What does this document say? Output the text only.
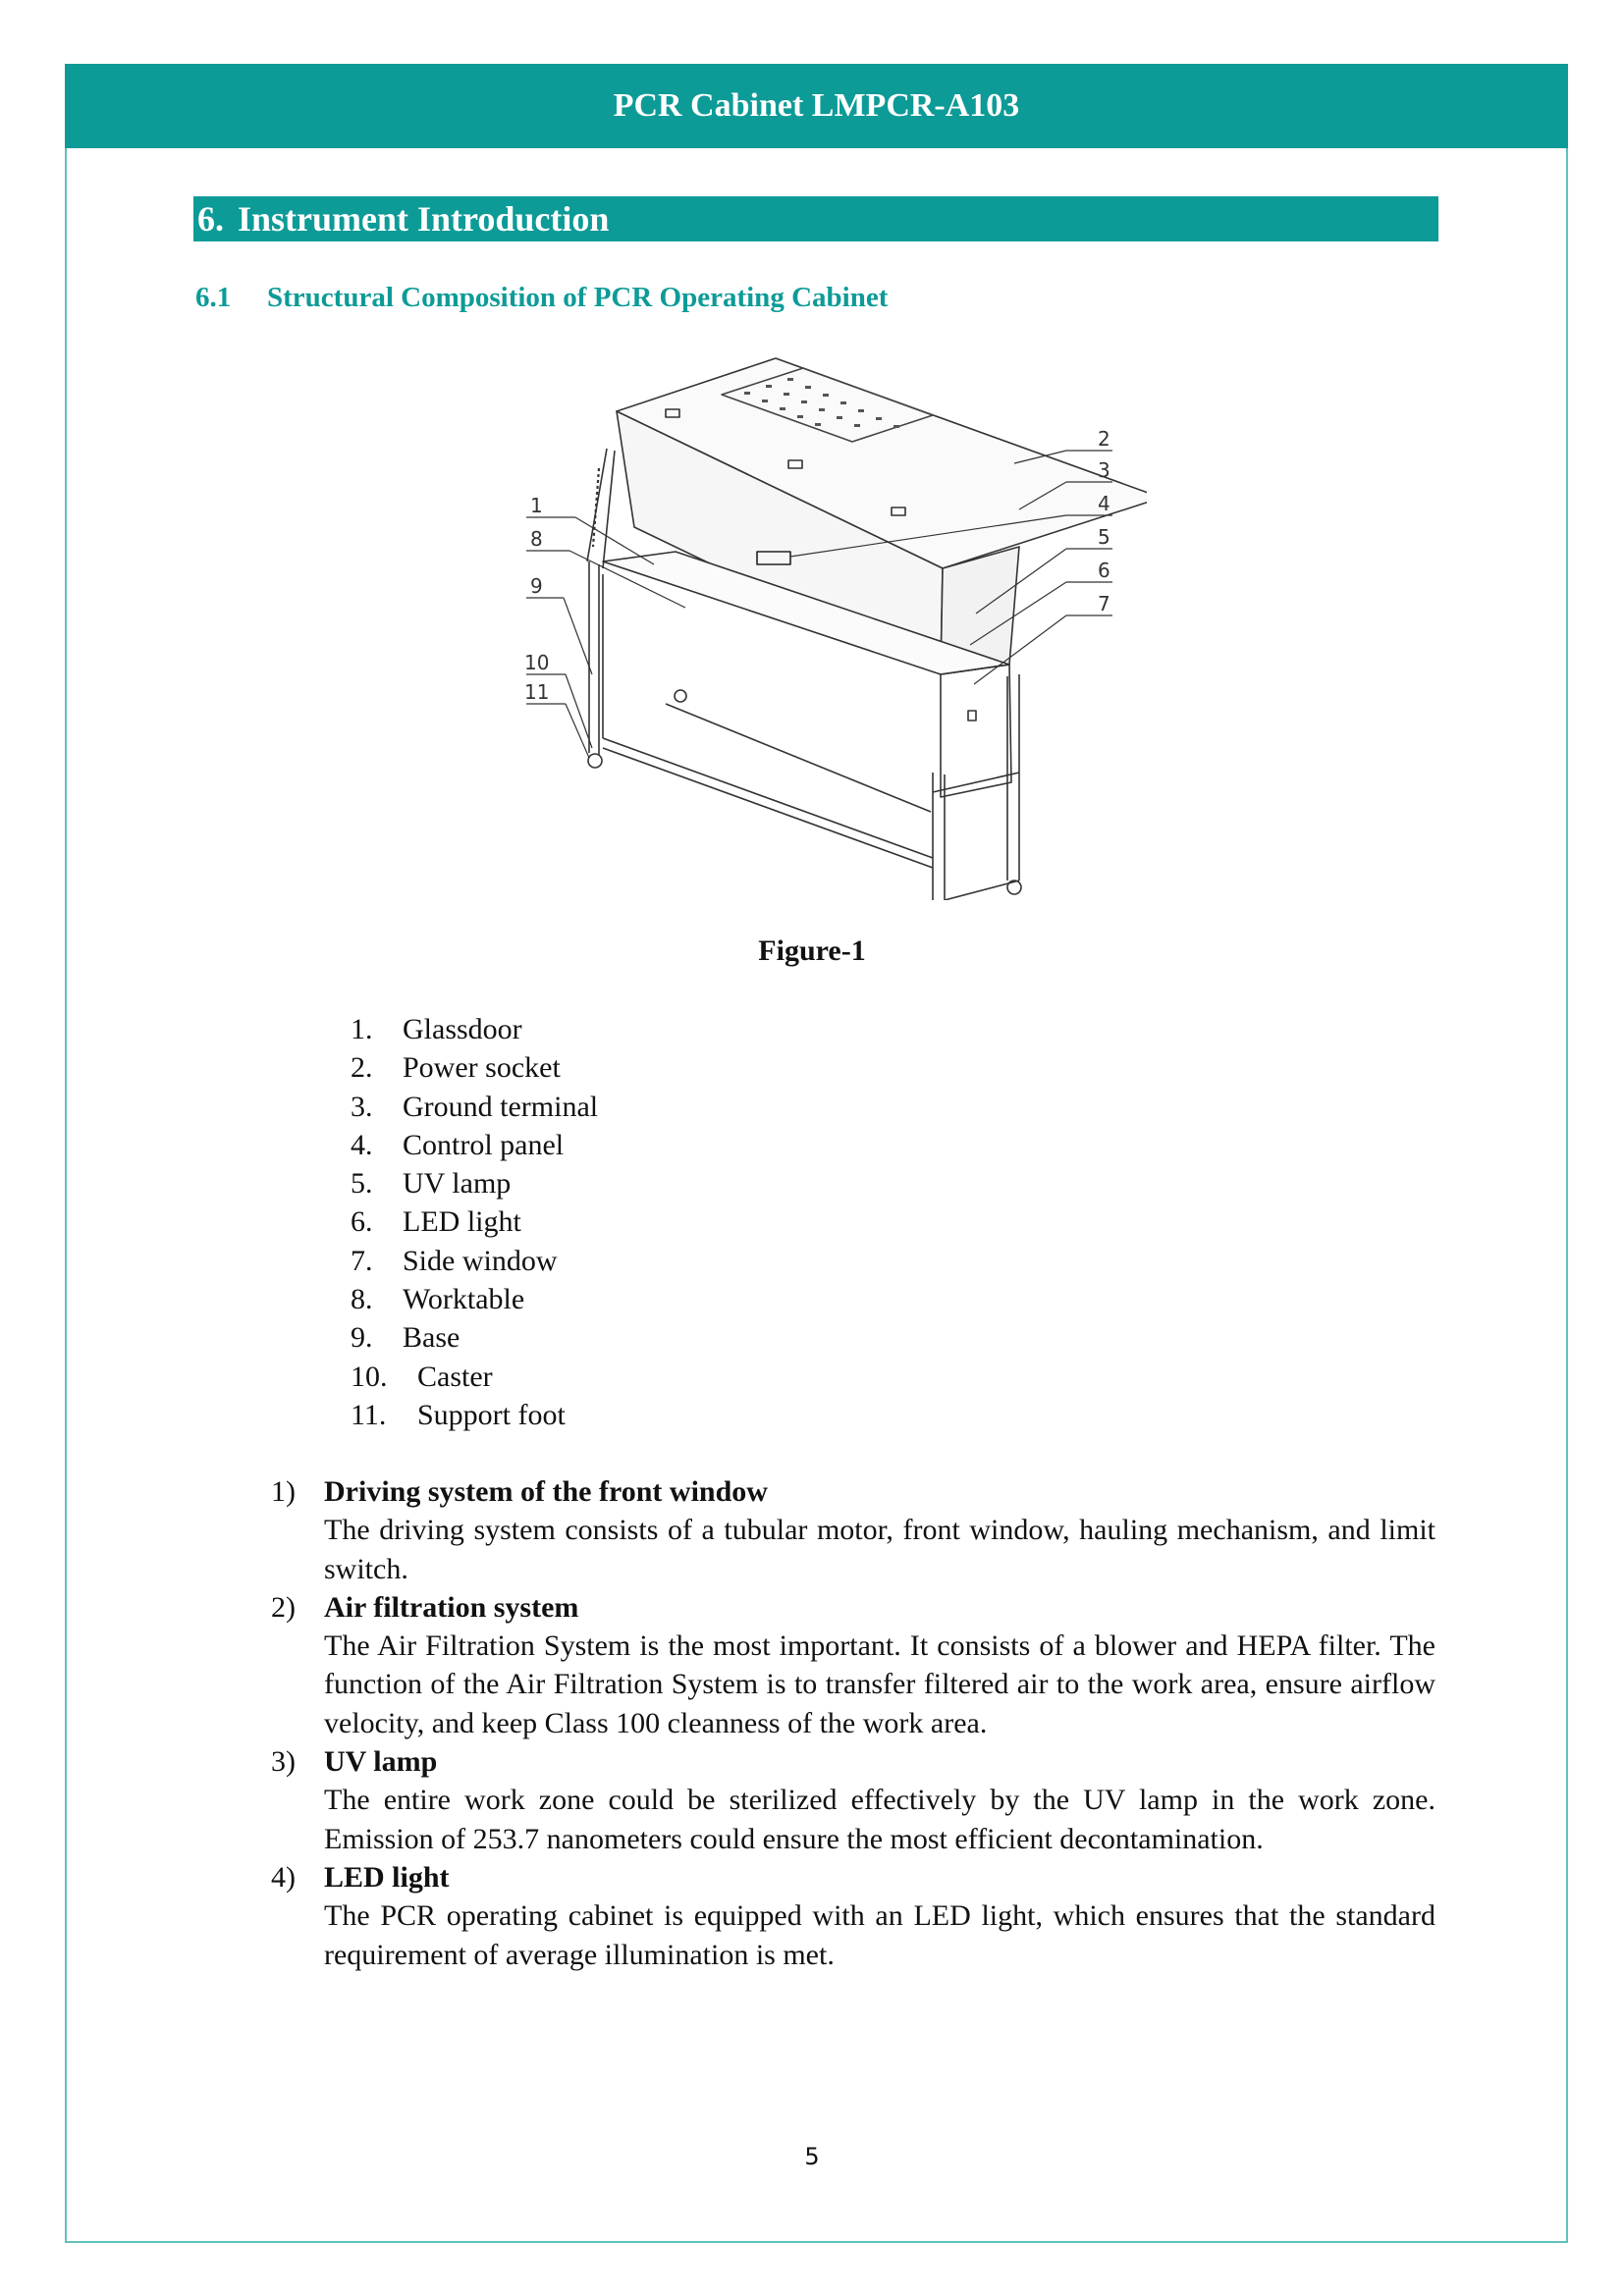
PCR Cabinet LMPCR-A103
6. Instrument Introduction
6.1 Structural Composition of PCR Operating Cabinet
1
2
3
4
5
6
7
8
9
10
11
Figure-1
1.	Glassdoor
2.	Power socket
3.	Ground terminal
4.	Control panel
5.	UV lamp
6.	LED light
7.	Side window
8.	Worktable
9.	Base
10.	Caster
11.	Support foot
1) Driving system of the front window
The driving system consists of a tubular motor, front window, hauling mechanism, and limit switch.
2) Air filtration system
The Air Filtration System is the most important. It consists of a blower and HEPA filter. The function of the Air Filtration System is to transfer filtered air to the work area, ensure airflow velocity, and keep Class 100 cleanness of the work area.
3) UV lamp
The entire work zone could be sterilized effectively by the UV lamp in the work zone. Emission of 253.7 nanometers could ensure the most efficient decontamination.
4) LED light
The PCR operating cabinet is equipped with an LED light, which ensures that the standard requirement of average illumination is met.
5
